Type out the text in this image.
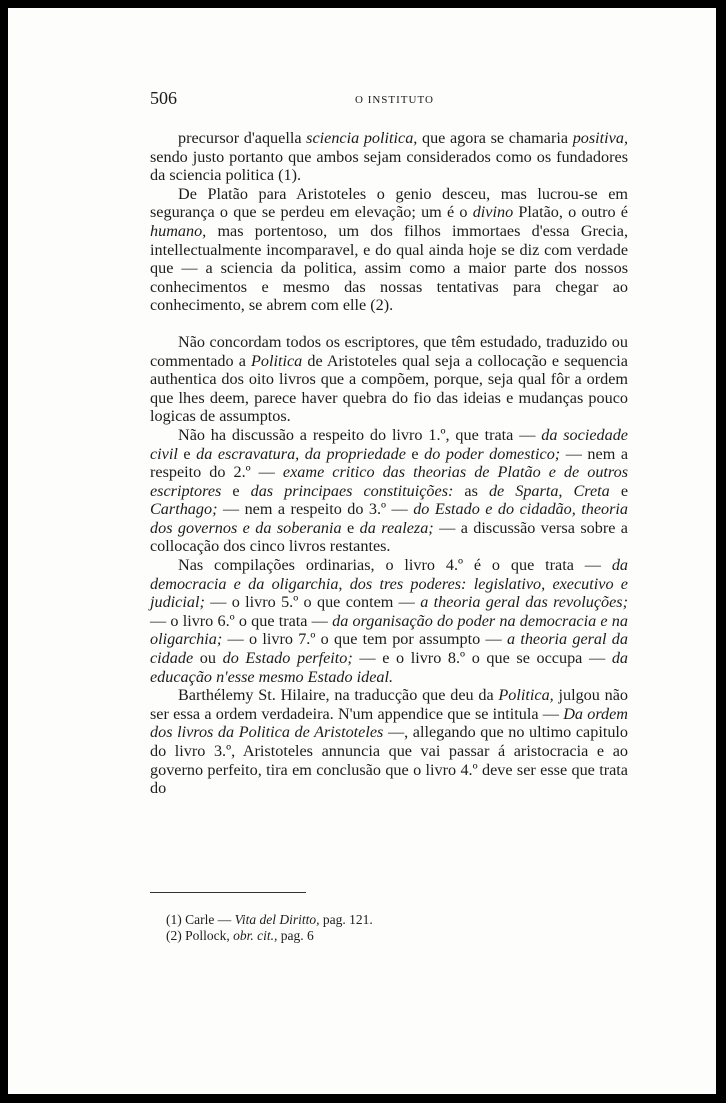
506	O INSTITUTO

precursor d'aquella sciencia politica, que agora se chamaria positiva, sendo justo portanto que ambos sejam considerados como os fundadores da sciencia politica (1).

De Platão para Aristoteles o genio desceu, mas lucrou-se em segurança o que se perdeu em elevação; um é o divino Platão, o outro é humano, mas portentoso, um dos filhos immortaes d'essa Grecia, intellectualmente incomparavel, e do qual ainda hoje se diz com verdade que — a sciencia da politica, assim como a maior parte dos nossos conhecimentos e mesmo das nossas tentativas para chegar ao conhecimento, se abrem com elle (2).

Não concordam todos os escriptores, que têm estudado, traduzido ou commentado a Politica de Aristoteles qual seja a collocação e sequencia authentica dos oito livros que a compõem, porque, seja qual fôr a ordem que lhes deem, parece haver quebra do fio das ideias e mudanças pouco logicas de assumptos.

Não ha discussão a respeito do livro 1.º, que trata — da sociedade civil e da escravatura, da propriedade e do poder domestico; — nem a respeito do 2.º — exame critico das theorias de Platão e de outros escriptores e das principaes constituições: as de Sparta, Creta e Carthago; — nem a respeito do 3.º — do Estado e do cidadão, theoria dos governos e da soberania e da realeza; — a discussão versa sobre a collocação dos cinco livros restantes.

Nas compilações ordinarias, o livro 4.º é o que trata — da democracia e da oligarchia, dos tres poderes: legislativo, executivo e judicial; — o livro 5.º o que contem — a theoria geral das revoluções; — o livro 6.º o que trata — da organisação do poder na democracia e na oligarchia; — o livro 7.º o que tem por assumpto — a theoria geral da cidade ou do Estado perfeito; — e o livro 8.º o que se occupa — da educação n'esse mesmo Estado ideal.

Barthélemy St. Hilaire, na traducção que deu da Politica, julgou não ser essa a ordem verdadeira. N'um appendice que se intitula — Da ordem dos livros da Politica de Aristoteles —, allegando que no ultimo capitulo do livro 3.º, Aristoteles annuncia que vai passar á aristocracia e ao governo perfeito, tira em conclusão que o livro 4.º deve ser esse que trata do

(1) Carle — Vita del Diritto, pag. 121.

(2) Pollock, obr. cit., pag. 6
